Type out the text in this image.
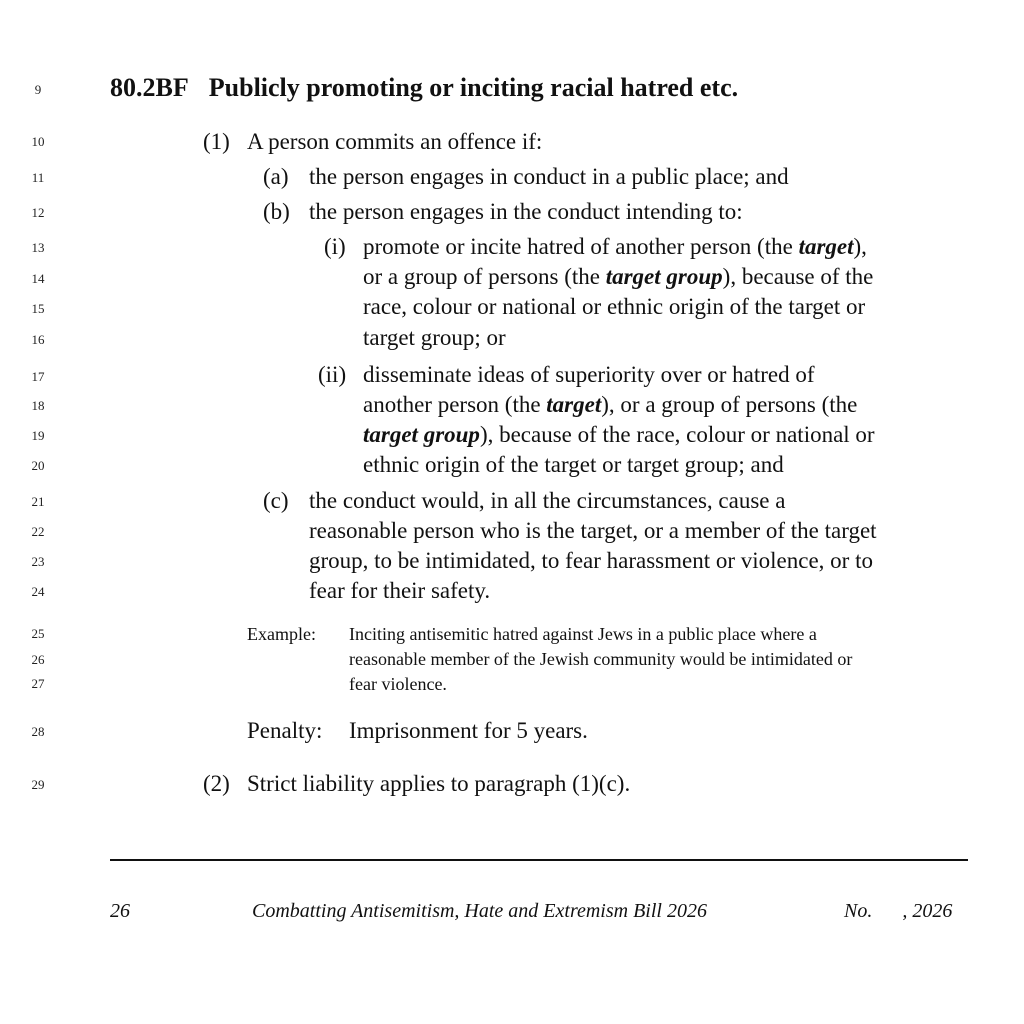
9
10
11
12
13
14
15
16
17
18
19
20
21
22
23
24
25
26
27
28
29
80.2BF Publicly promoting or inciting racial hatred etc.
(1) A person commits an offence if:
(a) the person engages in conduct in a public place; and
(b) the person engages in the conduct intending to:
(i) promote or incite hatred of another person (the target),
or a group of persons (the target group), because of the
race, colour or national or ethnic origin of the target or
target group; or
(ii) disseminate ideas of superiority over or hatred of
another person (the target), or a group of persons (the
target group), because of the race, colour or national or
ethnic origin of the target or target group; and
(c) the conduct would, in all the circumstances, cause a
reasonable person who is the target, or a member of the target
group, to be intimidated, to fear harassment or violence, or to
fear for their safety.
Example: Inciting antisemitic hatred against Jews in a public place where a
reasonable member of the Jewish community would be intimidated or
fear violence.
Penalty: Imprisonment for 5 years.
(2) Strict liability applies to paragraph (1)(c).
26	Combatting Antisemitism, Hate and Extremism Bill 2026	No.      , 2026
